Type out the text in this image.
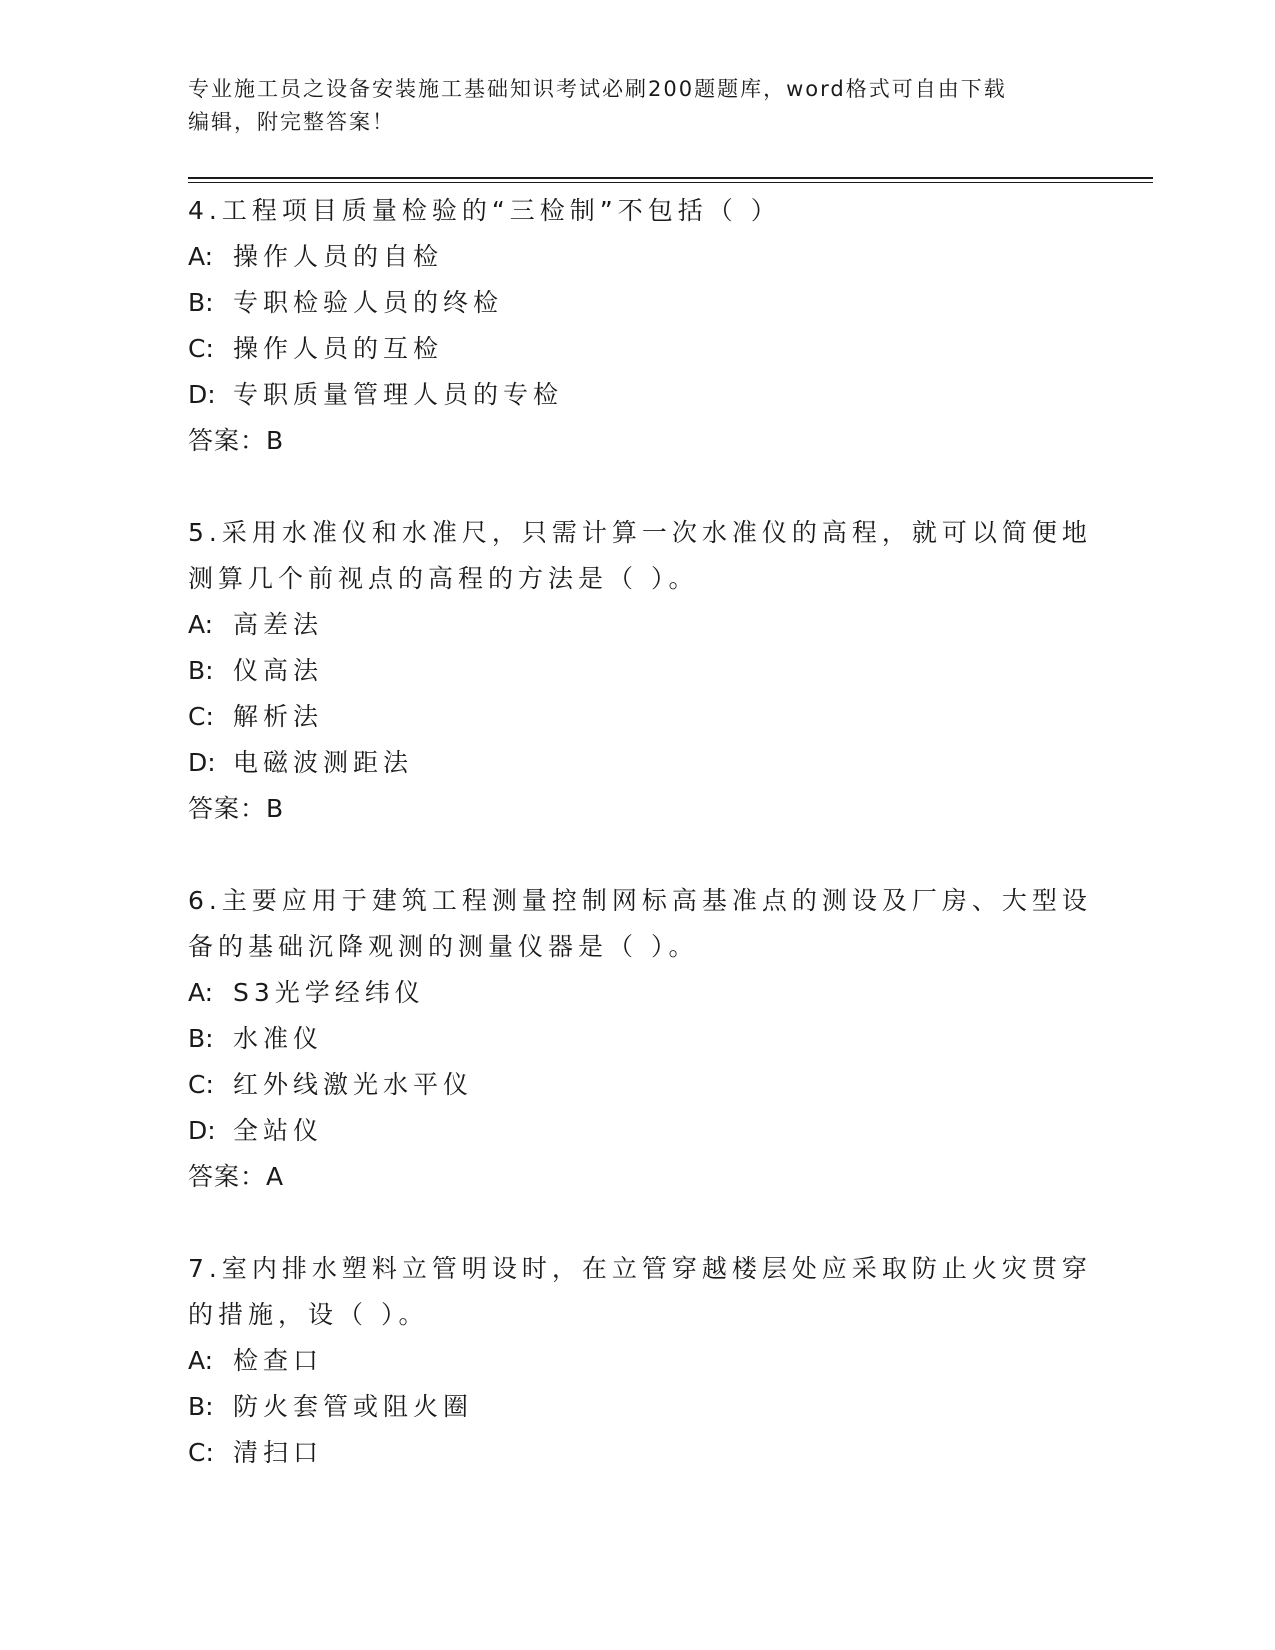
专业施工员之设备安装施工基础知识考试必刷200题题库，word格式可自由下载
编辑，附完整答案！
4.工程项目质量检验的“三检制”不包括（ ）
A: 操作人员的自检
B: 专职检验人员的终检
C: 操作人员的互检
D: 专职质量管理人员的专检
答案：B
5.采用水准仪和水准尺，只需计算一次水准仪的高程，就可以简便地
测算几个前视点的高程的方法是（ ）。
A: 高差法
B: 仪高法
C: 解析法
D: 电磁波测距法
答案：B
6.主要应用于建筑工程测量控制网标高基准点的测设及厂房、大型设
备的基础沉降观测的测量仪器是（ ）。
A: S3光学经纬仪
B: 水准仪
C: 红外线激光水平仪
D: 全站仪
答案：A
7.室内排水塑料立管明设时，在立管穿越楼层处应采取防止火灾贯穿
的措施，设（ ）。
A: 检查口
B: 防火套管或阻火圈
C: 清扫口
